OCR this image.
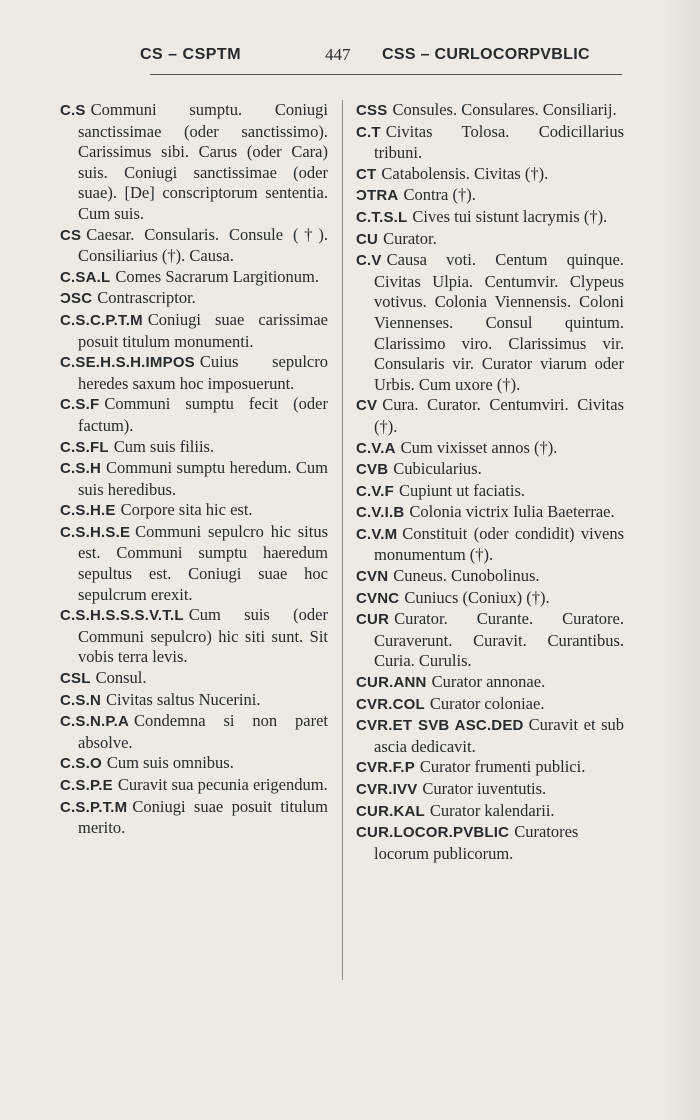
CS – CSPTM	447 CSS – CURLOCORPVBLIC

C.S Communi sumptu. Coniugi sanctissimae (oder sanctissimo). Carissimus sibi. Carus (oder Cara) suis. Coniugi sanctissimae (oder suae). [De] conscriptorum sententia. Cum suis.

CS Caesar. Consularis. Consule (†). Consiliarius (†). Causa.

C.SA.L Comes Sacrarum Largitionum.

ƆSC Contrascriptor.

C.S.C.P.T.M Coniugi suae carissimae posuit titulum monumenti.

C.SE.H.S.H.IMPOS Cuius sepulcro heredes saxum hoc imposuerunt.

C.S.F Communi sumptu fecit (oder factum).

C.S.FL Cum suis filiis.

C.S.H Communi sumptu heredum. Cum suis heredibus.

C.S.H.E Corpore sita hic est.

C.S.H.S.E Communi sepulcro hic situs est. Communi sumptu haeredum sepultus est. Coniugi suae hoc sepulcrum erexit.

C.S.H.S.S.S.V.T.L Cum suis (oder Communi sepulcro) hic siti sunt. Sit vobis terra levis.

CSL Consul.

C.S.N Civitas saltus Nucerini.

C.S.N.P.A Condemna si non paret absolve.

C.S.O Cum suis omnibus.

C.S.P.E Curavit sua pecunia erigendum.

C.S.P.T.M Coniugi suae posuit titulum merito.

CSS Consules. Consulares. Consiliarij.

C.T Civitas Tolosa. Codicillarius tribuni.

CT Catabolensis. Civitas (†).

ƆTRA Contra (†).

C.T.S.L Cives tui sistunt lacrymis (†).

CU Curator.

C.V Causa voti. Centum quinque. Civitas Ulpia. Centumvir. Clypeus votivus. Colonia Viennensis. Coloni Viennenses. Consul quintum. Clarissimo viro. Clarissimus vir. Consularis vir. Curator viarum oder Urbis. Cum uxore (†).

CV Cura. Curator. Centumviri. Civitas (†).

C.V.A Cum vixisset annos (†).

CVB Cubicularius.

C.V.F Cupiunt ut faciatis.

C.V.I.B Colonia victrix Iulia Baeterrae.

C.V.M Constituit (oder condidit) vivens monumentum (†).

CVN Cuneus. Cunobolinus.

CVNC Cuniucs (Coniux) (†).

CUR Curator. Curante. Curatore. Curaverunt. Curavit. Curantibus. Curia. Curulis.

CUR.ANN Curator annonae.

CVR.COL Curator coloniae.

CVR.ET SVB ASC.DED Curavit et sub ascia dedicavit.

CVR.F.P Curator frumenti publici.

CVR.IVV Curator iuventutis.

CUR.KAL Curator kalendarii.

CUR.LOCOR.PVBLIC Curatores locorum publicorum.
